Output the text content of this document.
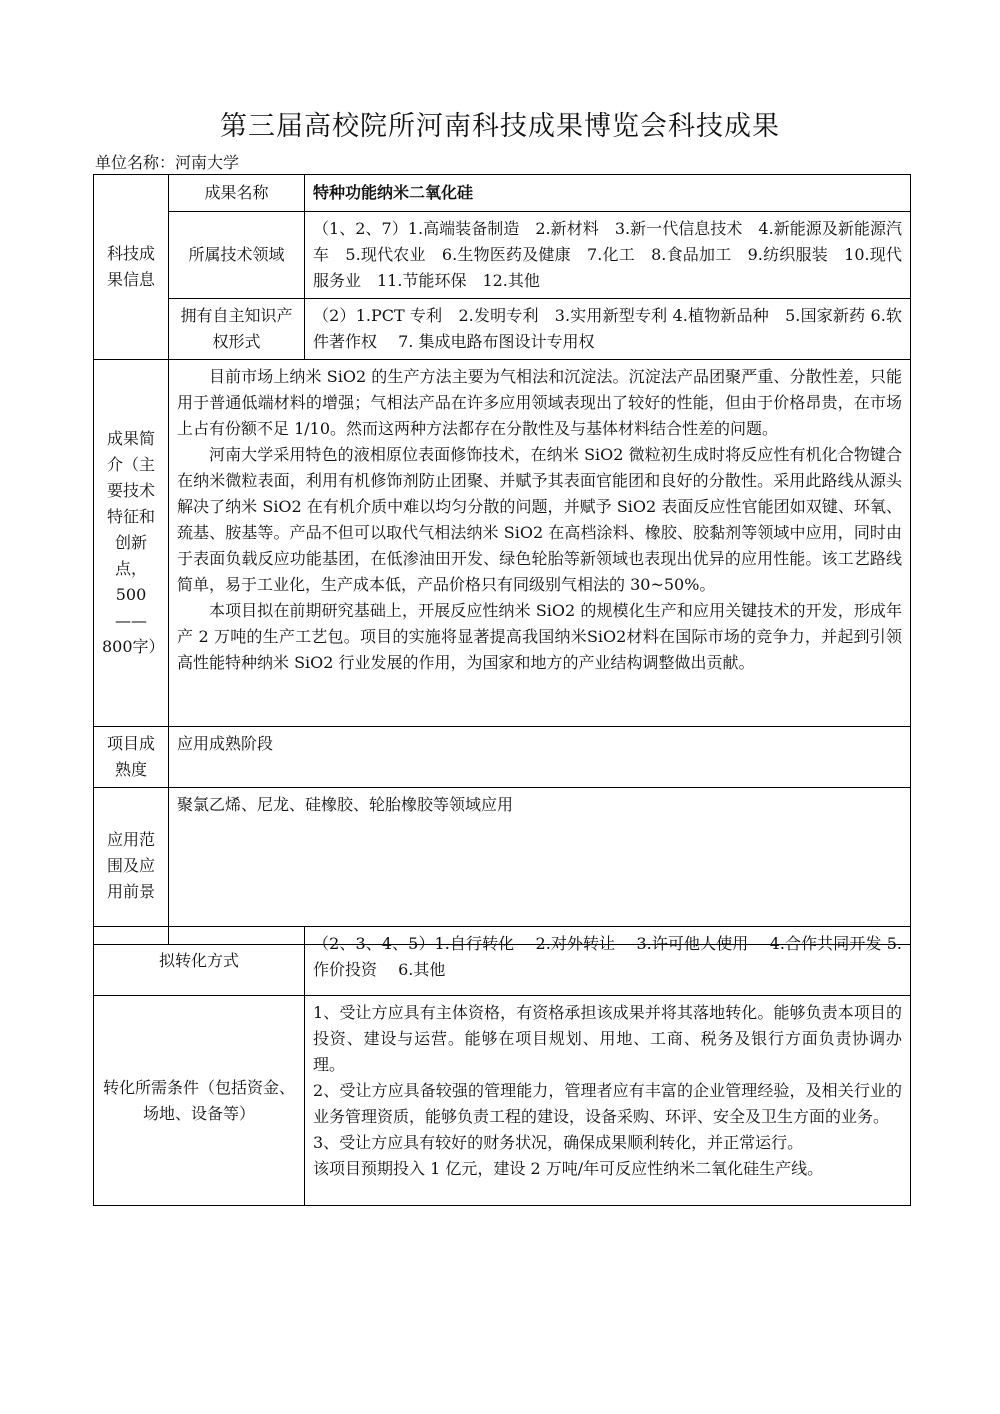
第三届高校院所河南科技成果博览会科技成果
单位名称：河南大学
科技成果信息	成果名称	特种功能纳米二氧化硅
	所属技术领域	（1、2、7）1.高端装备制造　2.新材料　3.新一代信息技术　4.新能源及新能源汽车　5.现代农业　6.生物医药及健康　7.化工　8.食品加工　9.纺织服装　10.现代服务业　11.节能环保　12.其他

	拥有自主知识产权形式	（2）1.PCT 专利　2.发明专利　3.实用新型专利 4.植物新品种　5.国家新药 6.软件著作权　 7. 集成电路布图设计专用权

成果简介（主要技术特征和创新点，500——800字）	目前市场上纳米 SiO2 的生产方法主要为气相法和沉淀法。沉淀法产品团聚严重、分散性差，只能用于普通低端材料的增强；气相法产品在许多应用领域表现出了较好的性能，但由于价格昂贵，在市场上占有份额不足 1/10。然而这两种方法都存在分散性及与基体材料结合性差的问题。

河南大学采用特色的液相原位表面修饰技术，在纳米 SiO2 微粒初生成时将反应性有机化合物键合在纳米微粒表面，利用有机修饰剂防止团聚、并赋予其表面官能团和良好的分散性。采用此路线从源头解决了纳米 SiO2 在有机介质中难以均匀分散的问题，并赋予 SiO2 表面反应性官能团如双键、环氧、巯基、胺基等。产品不但可以取代气相法纳米 SiO2 在高档涂料、橡胶、胶黏剂等领域中应用，同时由于表面负载反应功能基团，在低渗油田开发、绿色轮胎等新领域也表现出优异的应用性能。该工艺路线简单，易于工业化，生产成本低，产品价格只有同级别气相法的 30~50%。

本项目拟在前期研究基础上，开展反应性纳米 SiO2 的规模化生产和应用关键技术的开发，形成年产 2 万吨的生产工艺包。项目的实施将显著提高我国纳米SiO2材料在国际市场的竞争力，并起到引领高性能特种纳米 SiO2 行业发展的作用，为国家和地方的产业结构调整做出贡献。	

项目成熟度	应用成熟阶段	
应用范围及应用前景	聚氯乙烯、尼龙、硅橡胶、轮胎橡胶等领域应用	
拟转化方式	（2、3、4、5）1.自行转化　 2.对外转让　 3.许可他人使用　 4.合作共同开发 5.作价投资　 6.其他

转化所需条件（包括资金、场地、设备等）	1、受让方应具有主体资格，有资格承担该成果并将其落地转化。能够负责本项目的投资、建设与运营。能够在项目规划、用地、工商、税务及银行方面负责协调办理。

2、受让方应具备较强的管理能力，管理者应有丰富的企业管理经验，及相关行业的业务管理资质，能够负责工程的建设，设备采购、环评、安全及卫生方面的业务。

3、受让方应具有较好的财务状况，确保成果顺利转化，并正常运行。

该项目预期投入 1 亿元，建设 2 万吨/年可反应性纳米二氧化硅生产线。
